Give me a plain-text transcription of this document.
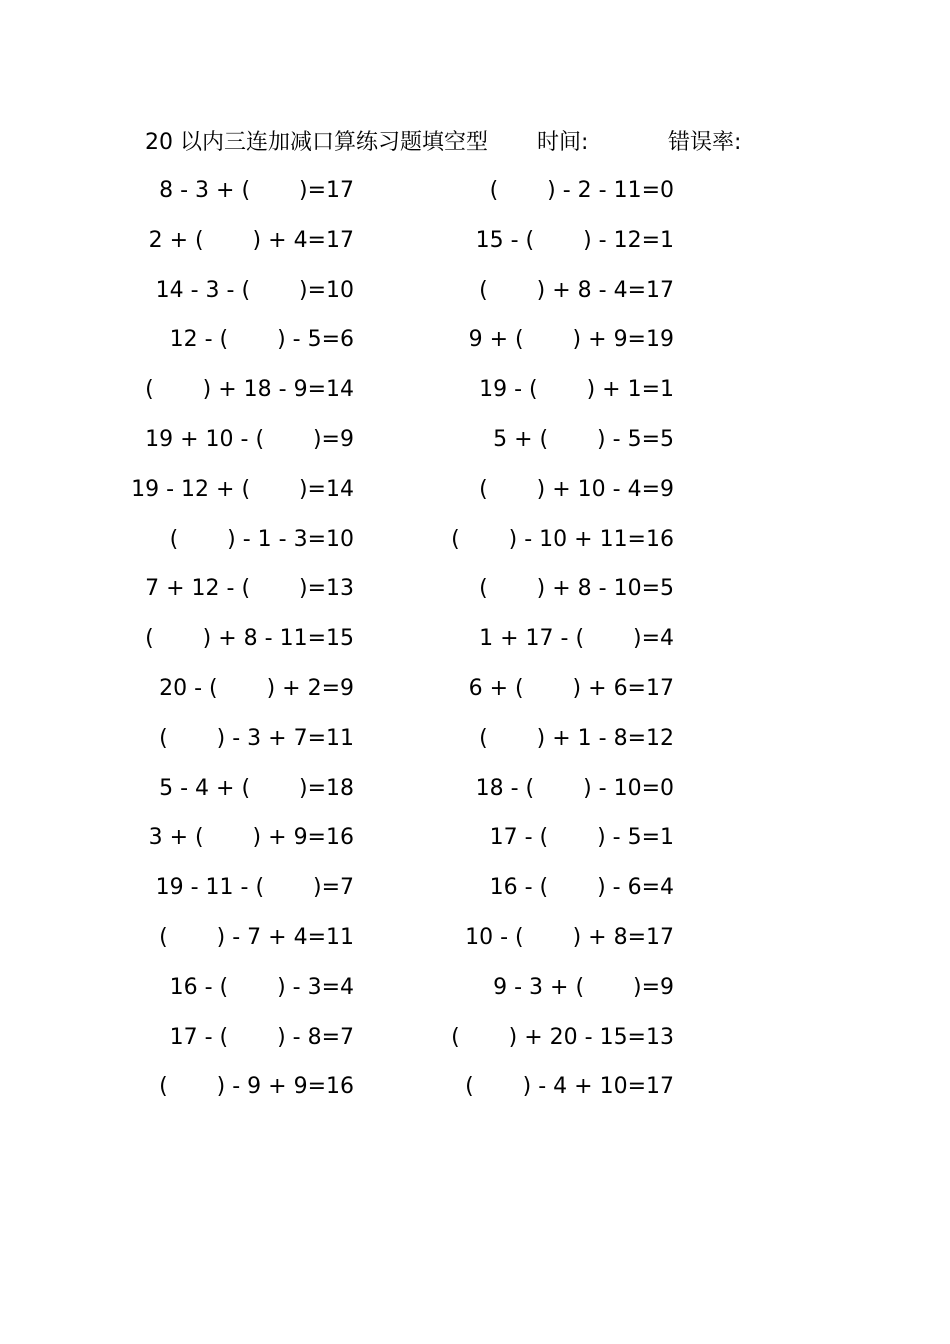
20 以内三连加减口算练习题填空型 时间:	错误率:
8 - 3 + (       )=17	(       ) - 2 - 11=0
2 + (       ) + 4=17	15 - (       ) - 12=1
14 - 3 - (       )=10	(       ) + 8 - 4=17
12 - (       ) - 5=6	9 + (       ) + 9=19
(       ) + 18 - 9=14	19 - (       ) + 1=1
19 + 10 - (       )=9	5 + (       ) - 5=5
19 - 12 + (       )=14	(       ) + 10 - 4=9
(       ) - 1 - 3=10	(       ) - 10 + 11=16
7 + 12 - (       )=13	(       ) + 8 - 10=5
(       ) + 8 - 11=15	1 + 17 - (       )=4
20 - (       ) + 2=9	6 + (       ) + 6=17
(       ) - 3 + 7=11	(       ) + 1 - 8=12
5 - 4 + (       )=18	18 - (       ) - 10=0
3 + (       ) + 9=16	17 - (       ) - 5=1
19 - 11 - (       )=7	16 - (       ) - 6=4
(       ) - 7 + 4=11	10 - (       ) + 8=17
16 - (       ) - 3=4	9 - 3 + (       )=9
17 - (       ) - 8=7	(       ) + 20 - 15=13
(       ) - 9 + 9=16	(       ) - 4 + 10=17
